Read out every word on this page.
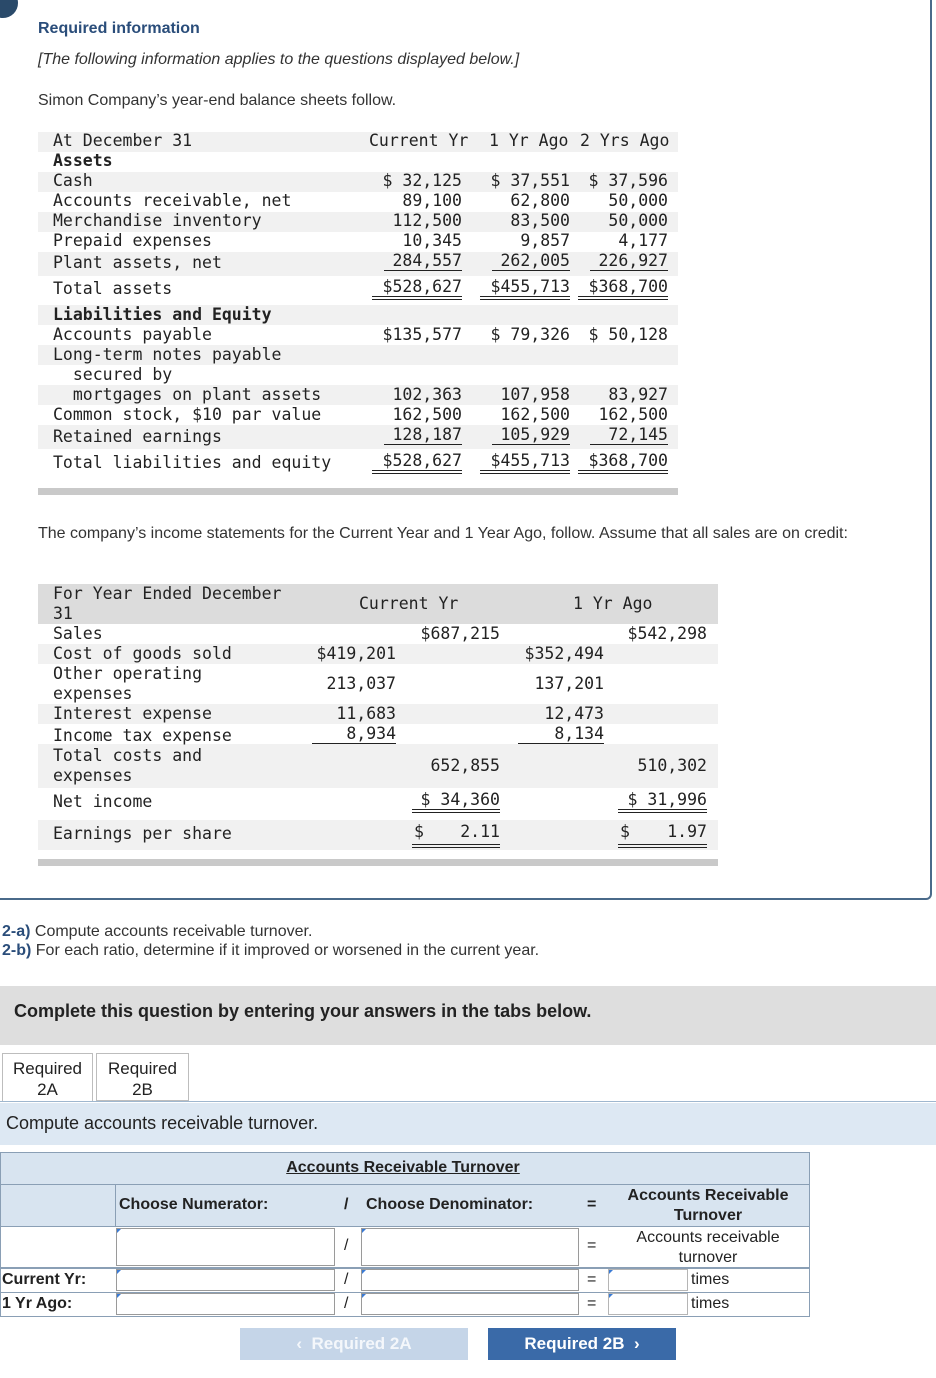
Required information
[The following information applies to the questions displayed below.]
Simon Company’s year-end balance sheets follow.
At December 31	Current Yr 1 Yr Ago 2 Yrs Ago
Assets
Cash	$ 32,125	$ 37,551	$ 37,596
Accounts receivable, net	89,100	62,800	50,000
Merchandise inventory	112,500	83,500	50,000
Prepaid expenses	10,345	9,857	4,177
Plant assets, net	284,557	262,005	226,927
Total assets	$528,627	$455,713	$368,700
Liabilities and Equity
Accounts payable	$135,577	$ 79,326	$ 50,128
Long-term notes payable
secured by
mortgages on plant assets	102,363	107,958	83,927
Common stock, $10 par value	162,500	162,500	162,500
Retained earnings	128,187	105,929	72,145
Total liabilities and equity	$528,627	$455,713	$368,700
The company’s income statements for the Current Year and 1 Year Ago, follow. Assume that all sales are on credit:
For Year Ended December
31
Current Yr	1 Yr Ago
Sales	$687,215	$542,298
Cost of goods sold	$419,201	$352,494
Other operating
expenses
213,037	137,201
Interest expense	11,683	12,473
Income tax expense	8,934	8,134
Total costs and
expenses
652,855	510,302
Net income	$ 34,360	$ 31,996
Earnings per share	$	2.11	$	1.97
2-a) Compute accounts receivable turnover.
2-b) For each ratio, determine if it improved or worsened in the current year.
Complete this question by entering your answers in the tabs below.
Required
2A
Required
2B
Compute accounts receivable turnover.
Accounts Receivable Turnover
Choose Numerator:	/ Choose Denominator:	=
Accounts Receivable
Turnover
/	=	Accounts receivable
turnover
Current Yr:	/	=	times
1 Yr Ago:	/	=	times
‹ Required 2A	Required 2B ›
